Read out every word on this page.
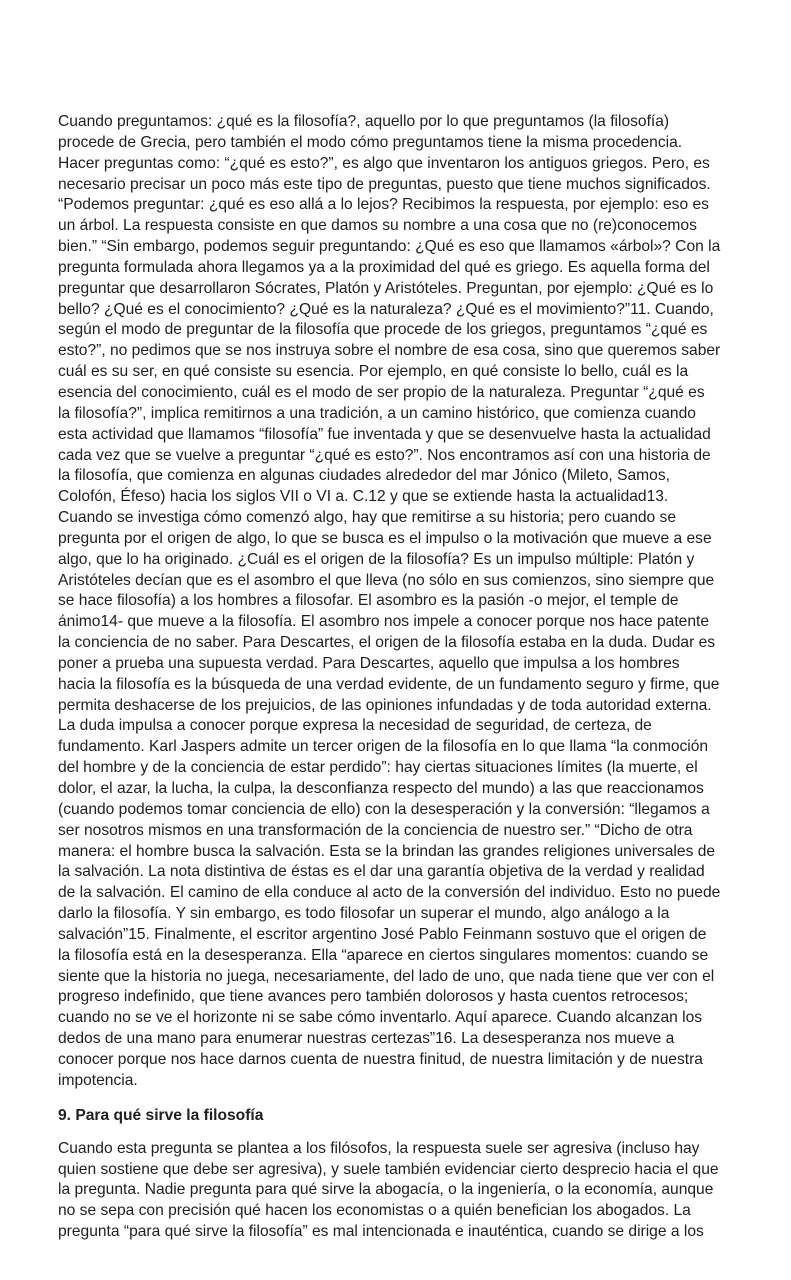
Cuando preguntamos: ¿qué es la filosofía?, aquello por lo que preguntamos (la filosofía)
procede de Grecia, pero también el modo cómo preguntamos tiene la misma procedencia.
Hacer preguntas como: “¿qué es esto?”, es algo que inventaron los antiguos griegos. Pero, es
necesario precisar un poco más este tipo de preguntas, puesto que tiene muchos significados.
“Podemos preguntar: ¿qué es eso allá a lo lejos? Recibimos la respuesta, por ejemplo: eso es
un árbol. La respuesta consiste en que damos su nombre a una cosa que no (re)conocemos
bien.” “Sin embargo, podemos seguir preguntando: ¿Qué es eso que llamamos «árbol»? Con la
pregunta formulada ahora llegamos ya a la proximidad del qué es griego. Es aquella forma del
preguntar que desarrollaron Sócrates, Platón y Aristóteles. Preguntan, por ejemplo: ¿Qué es lo
bello? ¿Qué es el conocimiento? ¿Qué es la naturaleza? ¿Qué es el movimiento?”11. Cuando,
según el modo de preguntar de la filosofía que procede de los griegos, preguntamos “¿qué es
esto?”, no pedimos que se nos instruya sobre el nombre de esa cosa, sino que queremos saber
cuál es su ser, en qué consiste su esencia. Por ejemplo, en qué consiste lo bello, cuál es la
esencia del conocimiento, cuál es el modo de ser propio de la naturaleza. Preguntar “¿qué es
la filosofía?”, implica remitirnos a una tradición, a un camino histórico, que comienza cuando
esta actividad que llamamos “filosofía” fue inventada y que se desenvuelve hasta la actualidad
cada vez que se vuelve a preguntar “¿qué es esto?”. Nos encontramos así con una historia de
la filosofía, que comienza en algunas ciudades alrededor del mar Jónico (Mileto, Samos,
Colofón, Éfeso) hacia los siglos VII o VI a. C.12 y que se extiende hasta la actualidad13.
Cuando se investiga cómo comenzó algo, hay que remitirse a su historia; pero cuando se
pregunta por el origen de algo, lo que se busca es el impulso o la motivación que mueve a ese
algo, que lo ha originado. ¿Cuál es el origen de la filosofía? Es un impulso múltiple: Platón y
Aristóteles decían que es el asombro el que lleva (no sólo en sus comienzos, sino siempre que
se hace filosofía) a los hombres a filosofar. El asombro es la pasión -o mejor, el temple de
ánimo14- que mueve a la filosofía. El asombro nos impele a conocer porque nos hace patente
la conciencia de no saber. Para Descartes, el origen de la filosofía estaba en la duda. Dudar es
poner a prueba una supuesta verdad. Para Descartes, aquello que impulsa a los hombres
hacia la filosofía es la búsqueda de una verdad evidente, de un fundamento seguro y firme, que
permita deshacerse de los prejuicios, de las opiniones infundadas y de toda autoridad externa.
La duda impulsa a conocer porque expresa la necesidad de seguridad, de certeza, de
fundamento. Karl Jaspers admite un tercer origen de la filosofía en lo que llama “la conmoción
del hombre y de la conciencia de estar perdido”: hay ciertas situaciones límites (la muerte, el
dolor, el azar, la lucha, la culpa, la desconfianza respecto del mundo) a las que reaccionamos
(cuando podemos tomar conciencia de ello) con la desesperación y la conversión: “llegamos a
ser nosotros mismos en una transformación de la conciencia de nuestro ser.” “Dicho de otra
manera: el hombre busca la salvación. Esta se la brindan las grandes religiones universales de
la salvación. La nota distintiva de éstas es el dar una garantía objetiva de la verdad y realidad
de la salvación. El camino de ella conduce al acto de la conversión del individuo. Esto no puede
darlo la filosofía. Y sin embargo, es todo filosofar un superar el mundo, algo análogo a la
salvación”15. Finalmente, el escritor argentino José Pablo Feinmann sostuvo que el origen de
la filosofía está en la desesperanza. Ella “aparece en ciertos singulares momentos: cuando se
siente que la historia no juega, necesariamente, del lado de uno, que nada tiene que ver con el
progreso indefinido, que tiene avances pero también dolorosos y hasta cuentos retrocesos;
cuando no se ve el horizonte ni se sabe cómo inventarlo. Aquí aparece. Cuando alcanzan los
dedos de una mano para enumerar nuestras certezas”16. La desesperanza nos mueve a
conocer porque nos hace darnos cuenta de nuestra finitud, de nuestra limitación y de nuestra
impotencia.
9. Para qué sirve la filosofía
Cuando esta pregunta se plantea a los filósofos, la respuesta suele ser agresiva (incluso hay
quien sostiene que debe ser agresiva), y suele también evidenciar cierto desprecio hacia el que
la pregunta. Nadie pregunta para qué sirve la abogacía, o la ingeniería, o la economía, aunque
no se sepa con precisión qué hacen los economistas o a quién benefician los abogados. La
pregunta “para qué sirve la filosofía” es mal intencionada e inauténtica, cuando se dirige a los
